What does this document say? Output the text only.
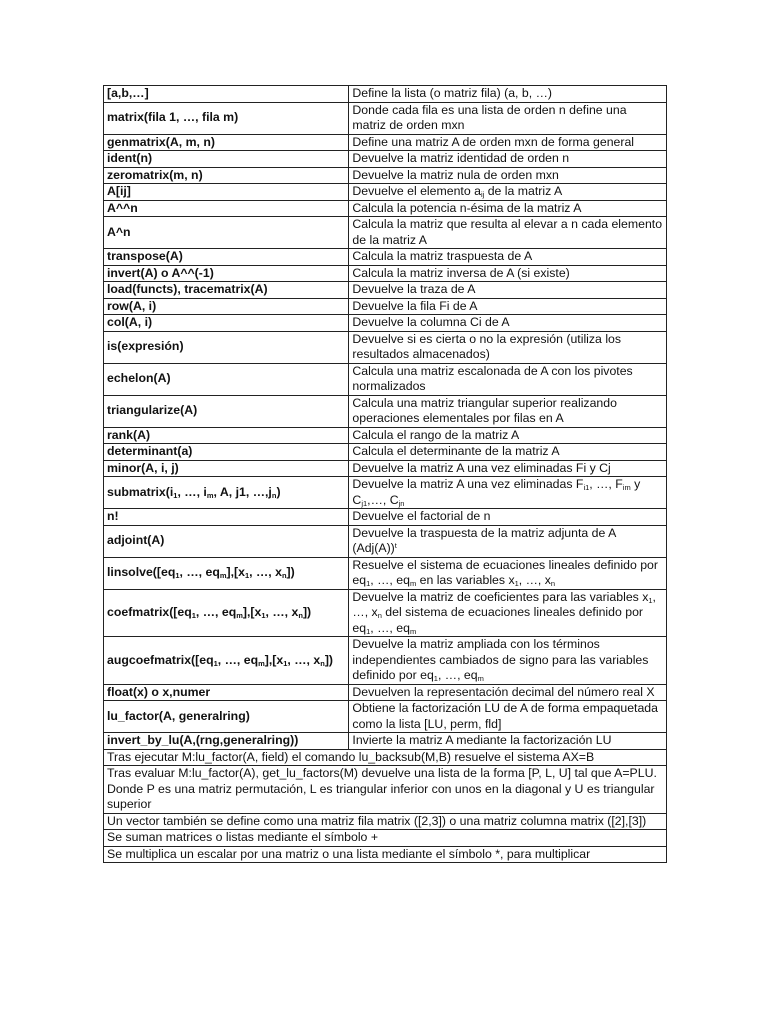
[a,b,…]	Define la lista (o matriz fila) (a, b, …)
matrix(fila 1, …, fila m)	Donde cada fila es una lista de orden n define una matriz de orden mxn
genmatrix(A, m, n)	Define una matriz A de orden mxn de forma general
ident(n)	Devuelve la matriz identidad de orden n
zeromatrix(m, n)	Devuelve la matriz nula de orden mxn
A[ij]	Devuelve el elemento $a_{ij}$ de la matriz A
A^^n	Calcula la potencia n-ésima de la matriz A
A^n	Calcula la matriz que resulta al elevar a n cada elemento de la matriz A
transpose(A)	Calcula la matriz traspuesta de A
invert(A) o A^^(-1)	Calcula la matriz inversa de A (si existe)
load(functs), tracematrix(A)	Devuelve la traza de A
row(A, i)	Devuelve la fila Fi de A
col(A, i)	Devuelve la columna Ci de A
is(expresión)	Devuelve si es cierta o no la expresión (utiliza los resultados almacenados)
echelon(A)	Calcula una matriz escalonada de A con los pivotes normalizados
triangularize(A)	Calcula una matriz triangular superior realizando operaciones elementales por filas en A
rank(A)	Calcula el rango de la matriz A
determinant(a)	Calcula el determinante de la matriz A
minor(A, i, j)	Devuelve la matriz A una vez eliminadas Fi y Cj
$submatrix(i_1$, …, $i_m$, A, j1, $\dots,j_n$)	Devuelve la matriz A una vez eliminadas $F_{i1}$, …, $F_{im}$ y $C_{j1},\dots$, $C_{jn}$
n!	Devuelve el factorial de n
adjoint(A)	Devuelve la traspuesta de la matriz adjunta de A $(Adj(A))^t$
$linsolve([eq_1$, …, $eq_m],[x_1$, …, $x_n$])	Resuelve el sistema de ecuaciones lineales definido por $eq_1$, …, $eq_m$ en las variables $x_1$, …, $x_n$
$coefmatrix([eq_1$, …, $eq_m],[x_1$, …, $x_n$])	Devuelve la matriz de coeficientes para las variables $x_1$, …, $x_n$ del sistema de ecuaciones lineales definido por $eq_1$, …, $eq_m$
$augcoefmatrix([eq_1$, …, $eq_m],[x_1$, …, $x_n$])	Devuelve la matriz ampliada con los términos independientes cambiados de signo para las variables definido por $eq_1$, …, $eq_m$
float(x) o x,numer	Devuelven la representación decimal del número real X
lu_factor(A, generalring)	Obtiene la factorización LU de A de forma empaquetada como la lista [LU, perm, fld]
invert_by_lu(A,(rng,generalring))	Invierte la matriz A mediante la factorización LU
Tras ejecutar M:lu_factor(A, field) el comando lu_backsub(M,B) resuelve el sistema AX=B	
Tras evaluar M:lu_factor(A), get_lu_factors(M) devuelve una lista de la forma [P, L, U] tal que A=PLU. Donde P es una matriz permutación, L es triangular inferior con unos en la diagonal y U es triangular superior	
Un vector también se define como una matriz fila matrix ([2,3]) o una matriz columna matrix ([2],[3])	
Se suman matrices o listas mediante el símbolo +	
Se multiplica un escalar por una matriz o una lista mediante el símbolo *, para multiplicar	
